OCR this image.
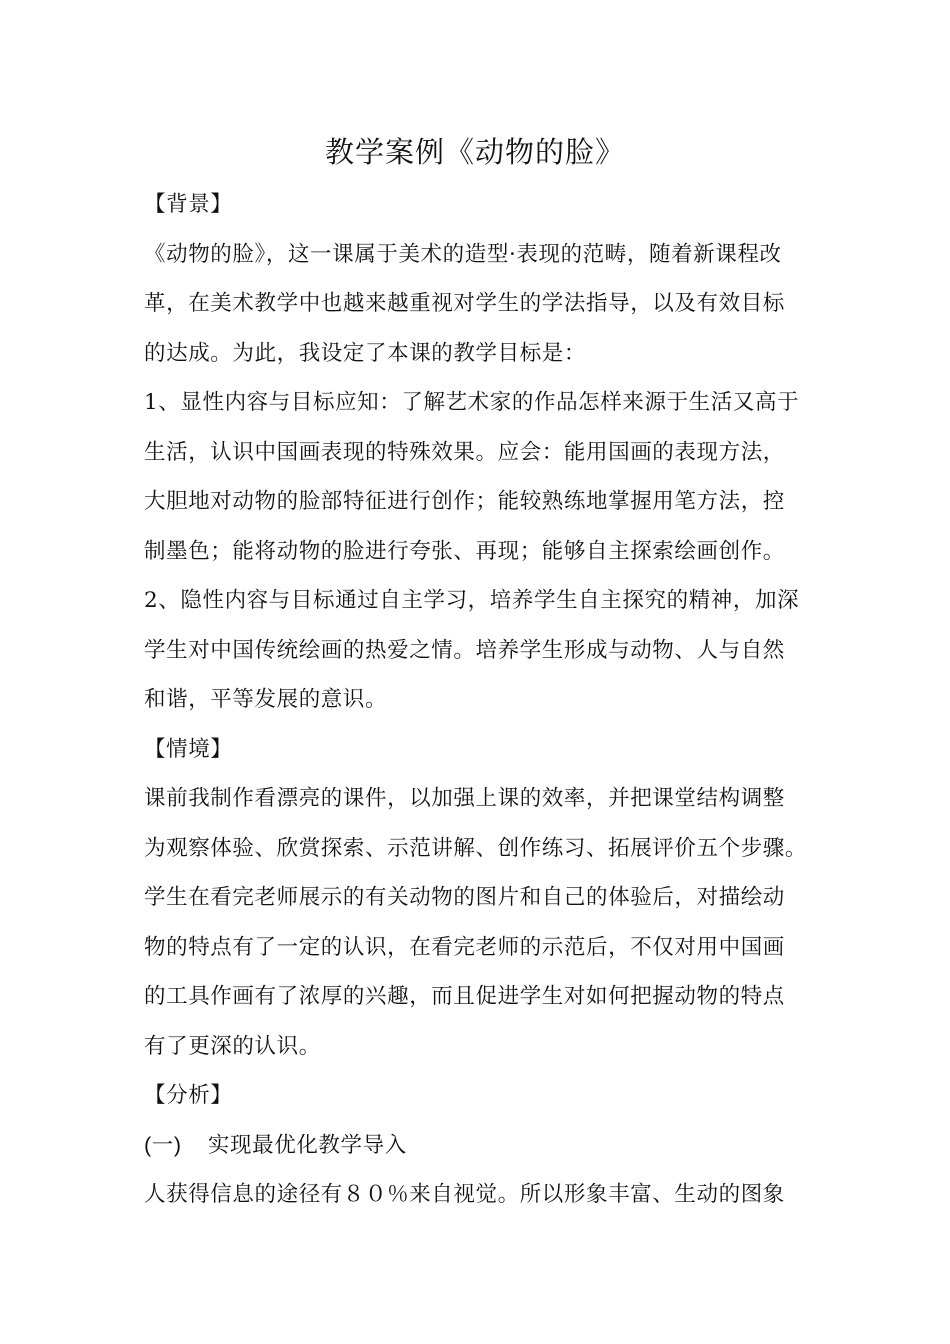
教学案例《动物的脸》
【背景】
《动物的脸》，这一课属于美术的造型·表现的范畴，随着新课程改
革，在美术教学中也越来越重视对学生的学法指导，以及有效目标
的达成。为此，我设定了本课的教学目标是：
1、显性内容与目标应知：了解艺术家的作品怎样来源于生活又高于
生活，认识中国画表现的特殊效果。应会：能用国画的表现方法，
大胆地对动物的脸部特征进行创作；能较熟练地掌握用笔方法，控
制墨色；能将动物的脸进行夸张、再现；能够自主探索绘画创作。
2、隐性内容与目标通过自主学习，培养学生自主探究的精神，加深
学生对中国传统绘画的热爱之情。培养学生形成与动物、人与自然
和谐，平等发展的意识。
【情境】
课前我制作看漂亮的课件，以加强上课的效率，并把课堂结构调整
为观察体验、欣赏探索、示范讲解、创作练习、拓展评价五个步骤。
学生在看完老师展示的有关动物的图片和自己的体验后，对描绘动
物的特点有了一定的认识，在看完老师的示范后，不仅对用中国画
的工具作画有了浓厚的兴趣，而且促进学生对如何把握动物的特点
有了更深的认识。
【分析】
(一)    实现最优化教学导入
人获得信息的途径有８０％来自视觉。所以形象丰富、生动的图象
